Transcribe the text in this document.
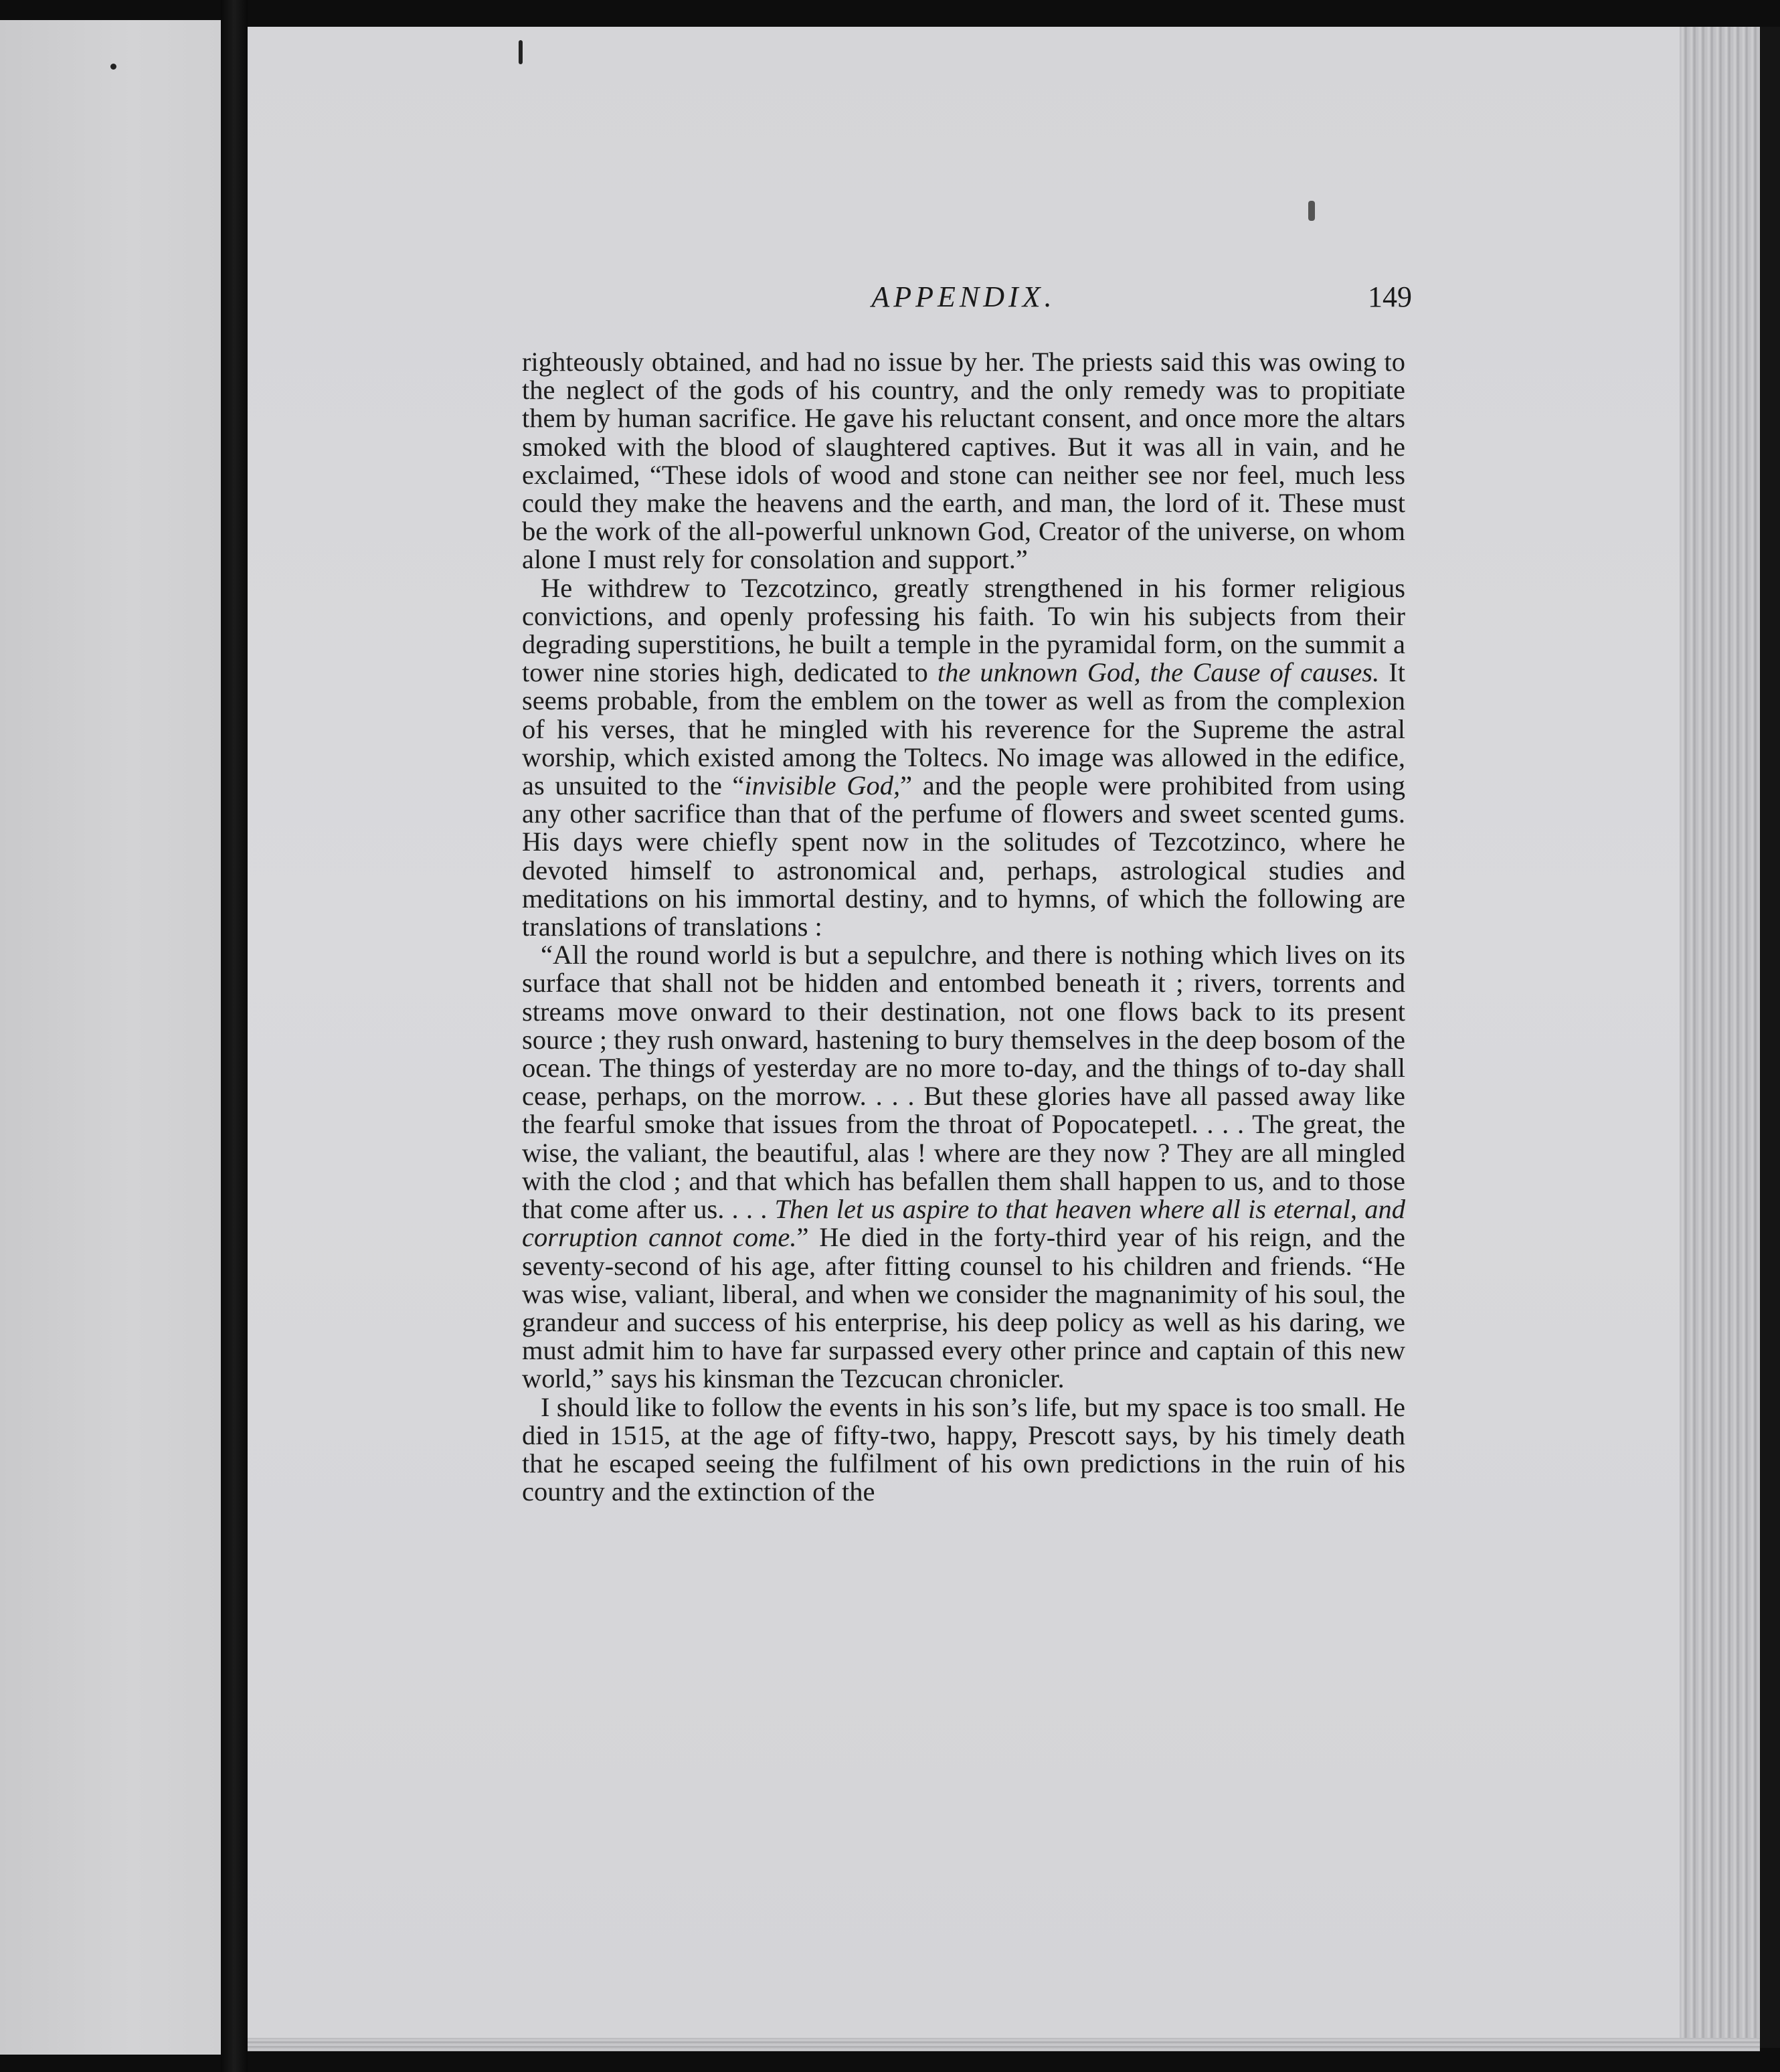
APPENDIX.	149

righteously obtained, and had no issue by her. The priests said this was owing to the neglect of the gods of his country, and the only remedy was to propitiate them by human sacrifice. He gave his reluctant consent, and once more the altars smoked with the blood of slaughtered captives. But it was all in vain, and he exclaimed, “These idols of wood and stone can neither see nor feel, much less could they make the heavens and the earth, and man, the lord of it. These must be the work of the all-powerful unknown God, Creator of the universe, on whom alone I must rely for consolation and support.”

He withdrew to Tezcotzinco, greatly strengthened in his former religious convictions, and openly professing his faith. To win his subjects from their degrading superstitions, he built a temple in the pyramidal form, on the summit a tower nine stories high, dedicated to the unknown God, the Cause of causes. It seems probable, from the emblem on the tower as well as from the complexion of his verses, that he mingled with his reverence for the Supreme the astral worship, which existed among the Toltecs. No image was allowed in the edifice, as unsuited to the “invisible God,” and the people were prohibited from using any other sacrifice than that of the perfume of flowers and sweet scented gums. His days were chiefly spent now in the solitudes of Tezcotzinco, where he devoted himself to astronomical and, perhaps, astrological studies and meditations on his immortal destiny, and to hymns, of which the following are translations of translations :

“All the round world is but a sepulchre, and there is nothing which lives on its surface that shall not be hidden and entombed beneath it ; rivers, torrents and streams move onward to their destination, not one flows back to its present source ; they rush onward, hastening to bury themselves in the deep bosom of the ocean. The things of yesterday are no more to-day, and the things of to-day shall cease, perhaps, on the morrow. . . . But these glories have all passed away like the fearful smoke that issues from the throat of Popocatepetl. . . . The great, the wise, the valiant, the beautiful, alas ! where are they now ? They are all mingled with the clod ; and that which has befallen them shall happen to us, and to those that come after us. . . . Then let us aspire to that heaven where all is eternal, and corruption cannot come.” He died in the forty-third year of his reign, and the seventy-second of his age, after fitting counsel to his children and friends. “He was wise, valiant, liberal, and when we consider the magnanimity of his soul, the grandeur and success of his enterprise, his deep policy as well as his daring, we must admit him to have far surpassed every other prince and captain of this new world,” says his kinsman the Tezcucan chronicler.

I should like to follow the events in his son’s life, but my space is too small. He died in 1515, at the age of fifty-two, happy, Prescott says, by his timely death that he escaped seeing the fulfilment of his own predictions in the ruin of his country and the extinction of the
